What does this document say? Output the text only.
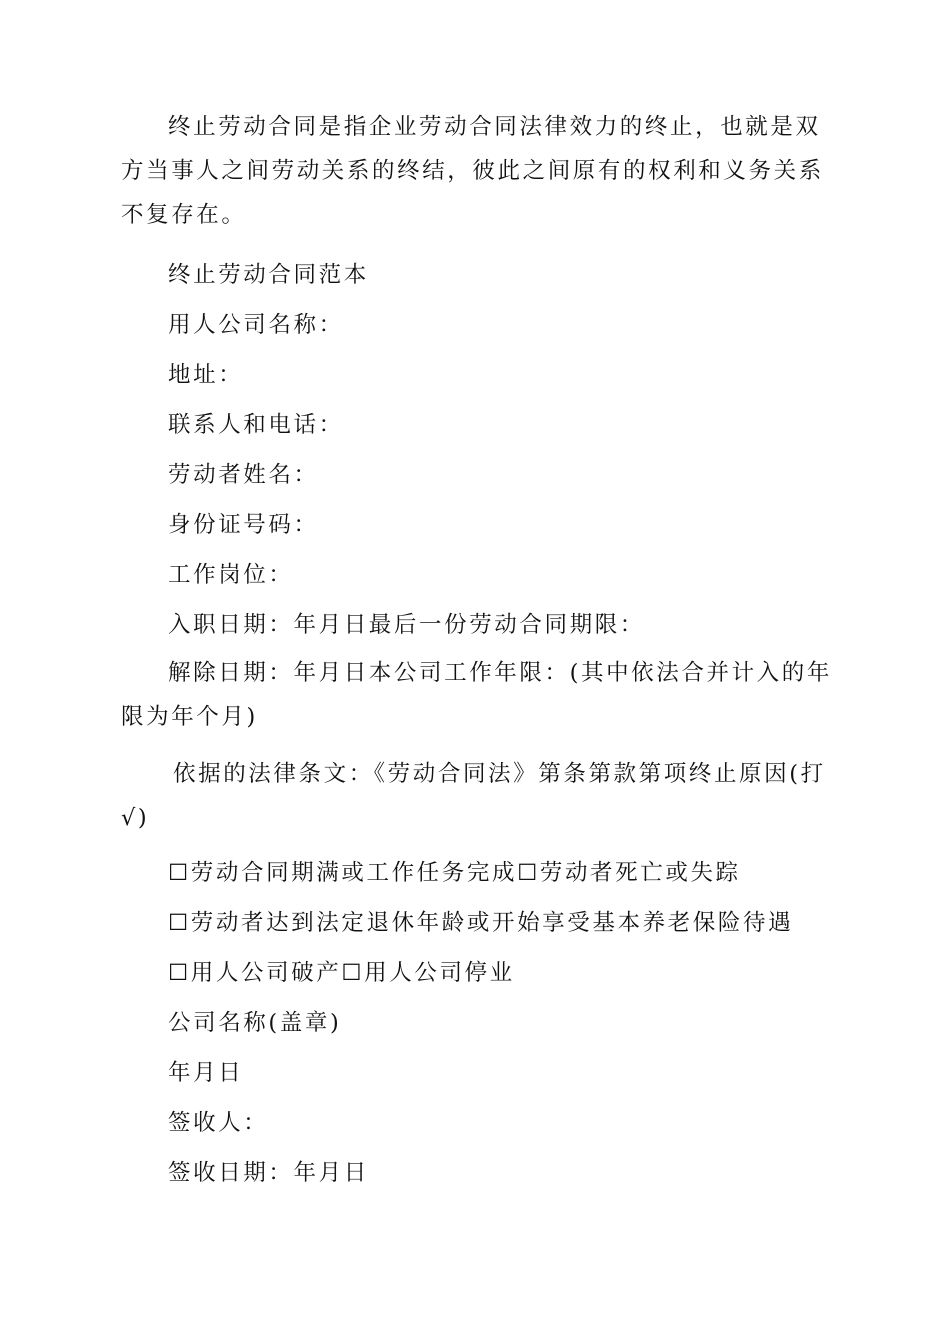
终止劳动合同是指企业劳动合同法律效力的终止，也就是双方当事人之间劳动关系的终结，彼此之间原有的权利和义务关系不复存在。

终止劳动合同范本

用人公司名称：

地址：

联系人和电话：

劳动者姓名：

身份证号码：

工作岗位：

入职日期：年月日最后一份劳动合同期限：

解除日期：年月日本公司工作年限：(其中依法合并计入的年限为年个月)

依据的法律条文：《劳动合同法》第条第款第项终止原因(打√)

☐劳动合同期满或工作任务完成☐劳动者死亡或失踪

☐劳动者达到法定退休年龄或开始享受基本养老保险待遇

☐用人公司破产☐用人公司停业

公司名称(盖章)

年月日

签收人：

签收日期：年月日
